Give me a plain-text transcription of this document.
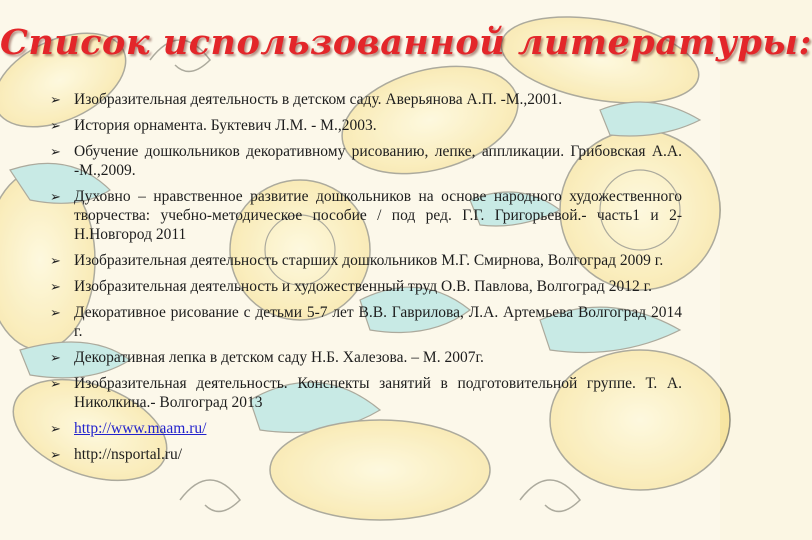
Список использованной литературы:
➢ Изобразительная деятельность в детском саду. Аверьянова А.П. -М.,2001.
➢ История орнамента. Буктевич Л.М. - М.,2003.
➢ Обучение дошкольников декоративному рисованию, лепке, аппликации. Грибовская А.А. -М.,2009.
➢ Духовно – нравственное развитие дошкольников на основе народного художественного творчества: учебно-методическое пособие / под ред. Г.Г. Григорьевой.- часть1 и 2- Н.Новгород 2011
➢ Изобразительная деятельность старших дошкольников М.Г. Смирнова, Волгоград 2009 г.
➢ Изобразительная деятельность и художественный труд О.В. Павлова, Волгоград 2012 г.
➢ Декоративное рисование с детьми 5-7 лет В.В. Гаврилова, Л.А. Артемьева Волгоград 2014 г.
➢ Декоративная лепка в детском саду Н.Б. Халезова. – М. 2007г.
➢ Изобразительная деятельность. Конспекты занятий в подготовительной группе. Т. А. Николкина.- Волгоград 2013
➢ http://www.maam.ru/
➢ http://nsportal.ru/
